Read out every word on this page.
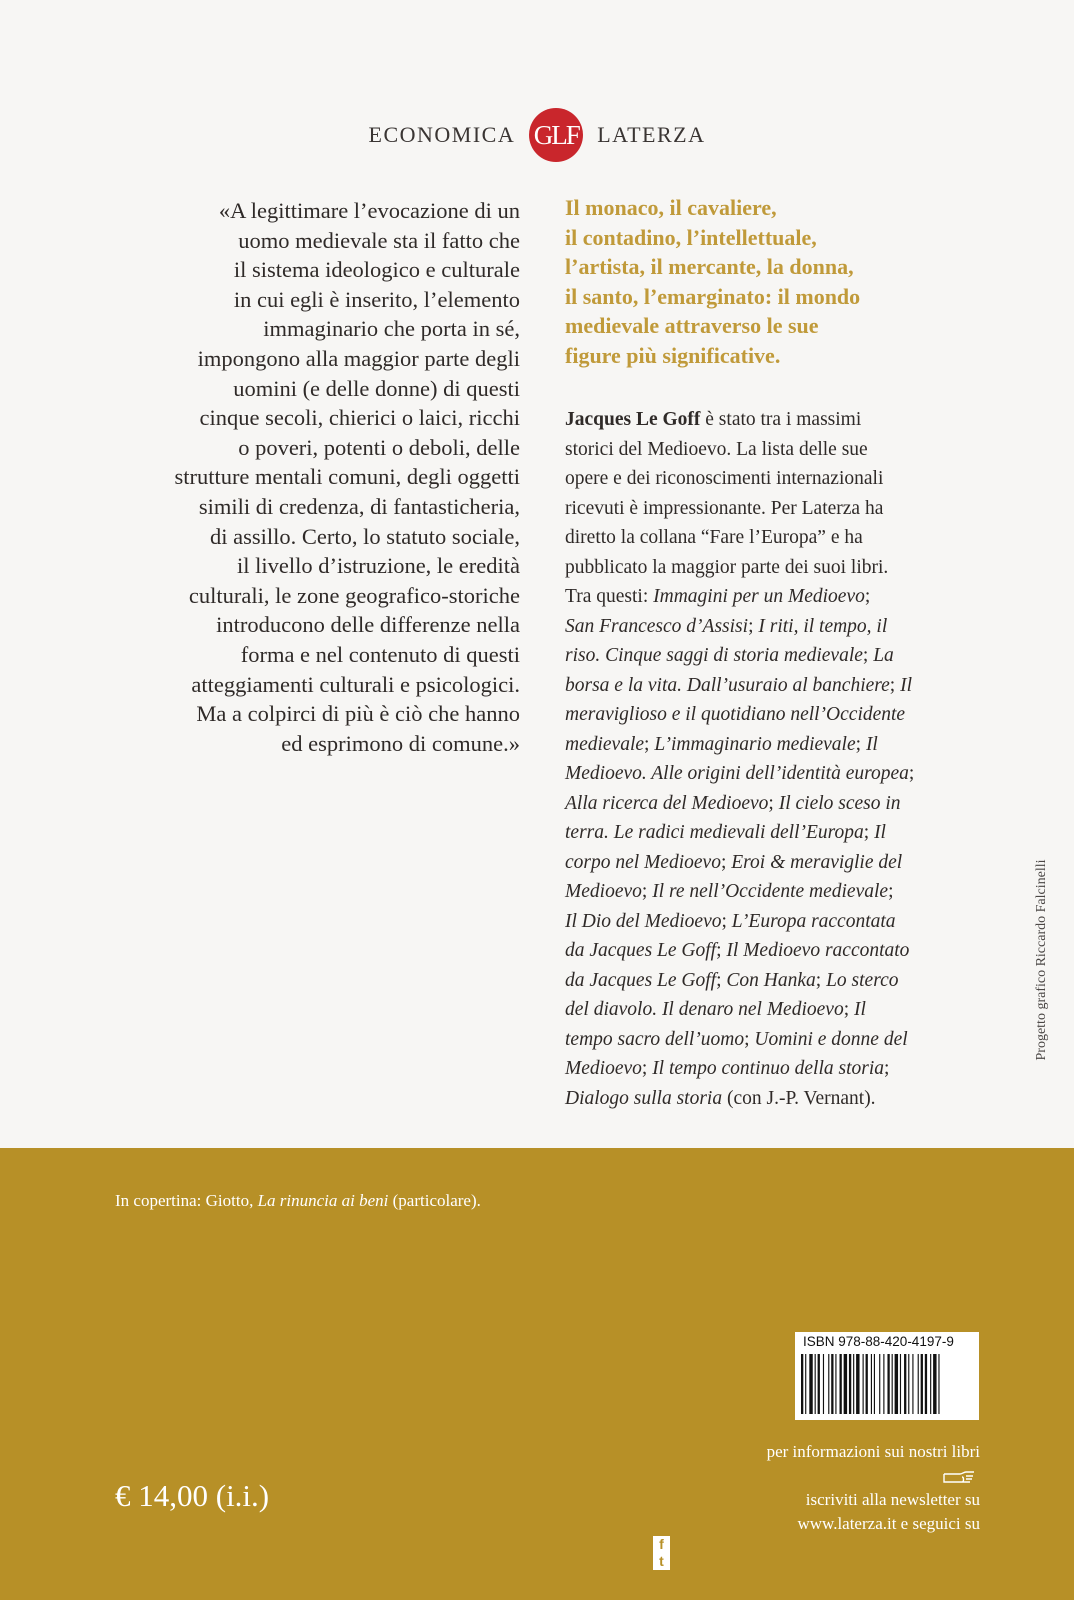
ECONOMICA GLF LATERZA

«A legittimare l’evocazione di un
uomo medievale sta il fatto che
il sistema ideologico e culturale
in cui egli è inserito, l’elemento
immaginario che porta in sé,
impongono alla maggior parte degli
uomini (e delle donne) di questi
cinque secoli, chierici o laici, ricchi
o poveri, potenti o deboli, delle
strutture mentali comuni, degli oggetti
simili di credenza, di fantasticheria,
di assillo. Certo, lo statuto sociale,
il livello d’istruzione, le eredità
culturali, le zone geografico-storiche
introducono delle differenze nella
forma e nel contenuto di questi
atteggiamenti culturali e psicologici.
Ma a colpirci di più è ciò che hanno
ed esprimono di comune.»

Il monaco, il cavaliere,
il contadino, l’intellettuale,
l’artista, il mercante, la donna,
il santo, l’emarginato: il mondo
medievale attraverso le sue
figure più significative.

Jacques Le Goff è stato tra i massimi
storici del Medioevo. La lista delle sue
opere e dei riconoscimenti internazionali
ricevuti è impressionante. Per Laterza ha
diretto la collana “Fare l’Europa” e ha
pubblicato la maggior parte dei suoi libri.
Tra questi: Immagini per un Medioevo;
San Francesco d’Assisi; I riti, il tempo, il
riso. Cinque saggi di storia medievale; La
borsa e la vita. Dall’usuraio al banchiere; Il
meraviglioso e il quotidiano nell’Occidente
medievale; L’immaginario medievale; Il
Medioevo. Alle origini dell’identità europea;
Alla ricerca del Medioevo; Il cielo sceso in
terra. Le radici medievali dell’Europa; Il
corpo nel Medioevo; Eroi & meraviglie del
Medioevo; Il re nell’Occidente medievale;
Il Dio del Medioevo; L’Europa raccontata
da Jacques Le Goff; Il Medioevo raccontato
da Jacques Le Goff; Con Hanka; Lo sterco
del diavolo. Il denaro nel Medioevo; Il
tempo sacro dell’uomo; Uomini e donne del
Medioevo; Il tempo continuo della storia;
Dialogo sulla storia (con J.-P. Vernant).
Progetto grafico Riccardo Falcinelli
In copertina: Giotto, La rinuncia ai beni (particolare).
€ 14,00 (i.i.)
ISBN 978-88-420-4197-9
per informazioni sui nostri libri
iscriviti alla newsletter su
www.laterza.it e seguici su
f
t
